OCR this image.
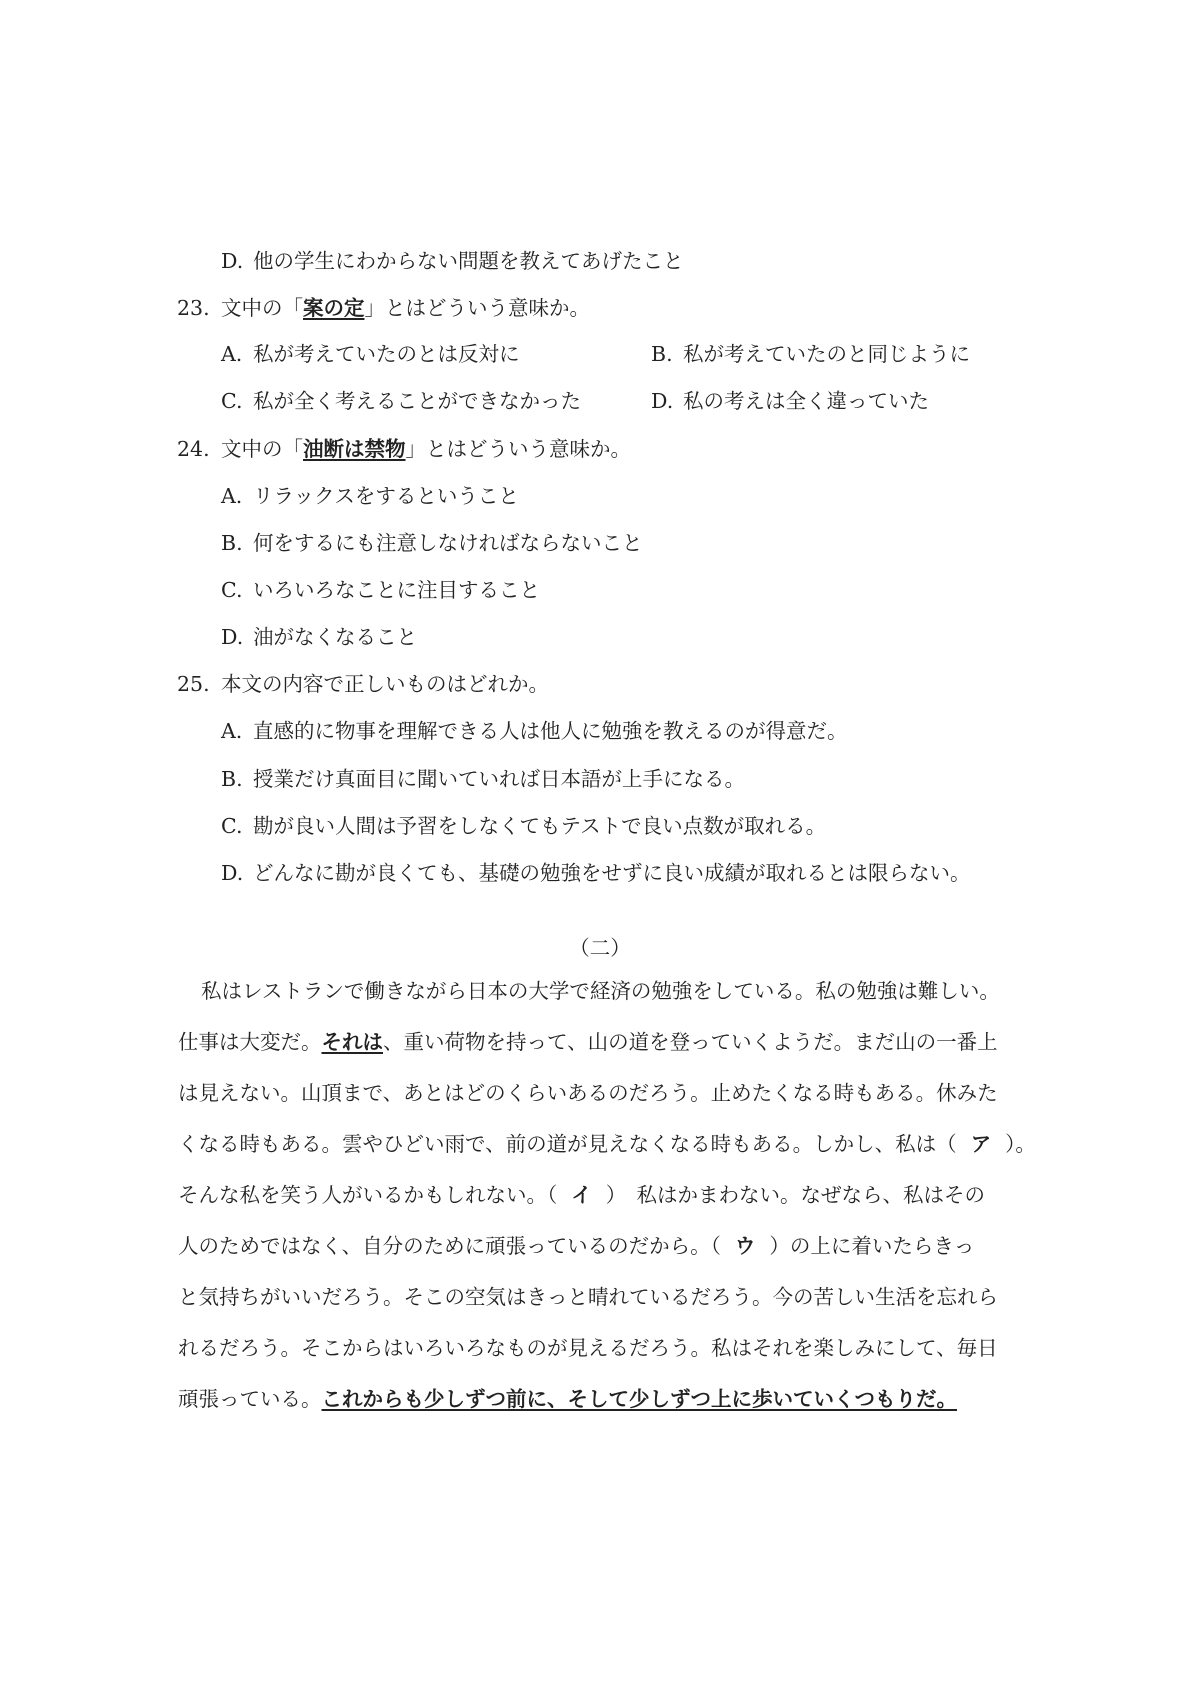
D. 他の学生にわからない問題を教えてあげたこと
23. 文中の「案の定」とはどういう意味か。
A. 私が考えていたのとは反対に	B. 私が考えていたのと同じように
C. 私が全く考えることができなかった	D. 私の考えは全く違っていた
24. 文中の「油断は禁物」とはどういう意味か。
A. リラックスをするということ
B. 何をするにも注意しなければならないこと
C. いろいろなことに注目すること
D. 油がなくなること
25. 本文の内容で正しいものはどれか。
A. 直感的に物事を理解できる人は他人に勉強を教えるのが得意だ。
B. 授業だけ真面目に聞いていれば日本語が上手になる。
C. 勘が良い人間は予習をしなくてもテストで良い点数が取れる。
D. どんなに勘が良くても、基礎の勉強をせずに良い成績が取れるとは限らない。
（二）
私はレストランで働きながら日本の大学で経済の勉強をしている。私の勉強は難しい。
仕事は大変だ。それは、重い荷物を持って、山の道を登っていくようだ。まだ山の一番上
は見えない。山頂まで、あとはどのくらいあるのだろう。止めたくなる時もある。休みた
くなる時もある。雲やひどい雨で、前の道が見えなくなる時もある。しかし、私は（ ア ）。
そんな私を笑う人がいるかもしれない。（ イ ）　私はかまわない。なぜなら、私はその
人のためではなく、自分のために頑張っているのだから。（ ウ ）の上に着いたらきっ
と気持ちがいいだろう。そこの空気はきっと晴れているだろう。今の苦しい生活を忘れら
れるだろう。そこからはいろいろなものが見えるだろう。私はそれを楽しみにして、毎日
頑張っている。これからも少しずつ前に、そして少しずつ上に歩いていくつもりだ。
